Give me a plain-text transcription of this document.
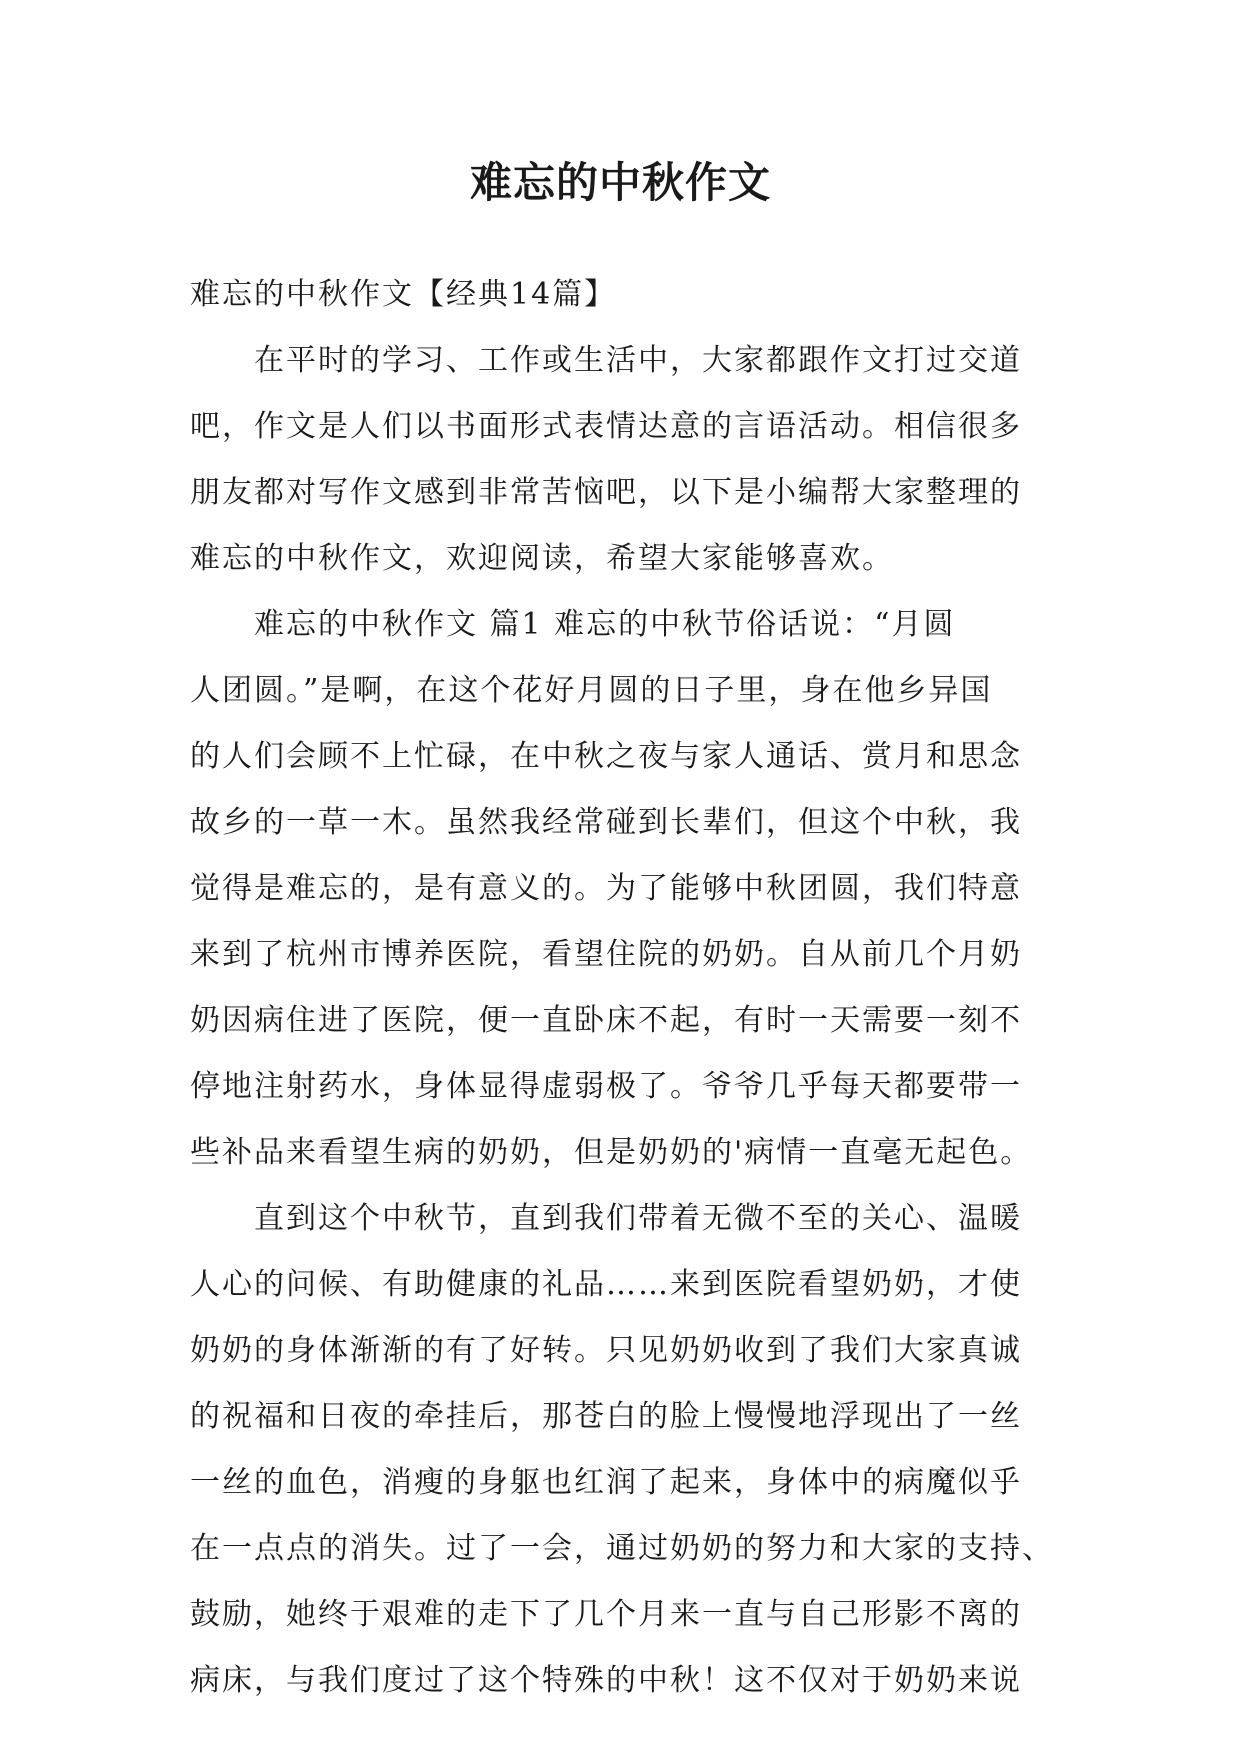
难忘的中秋作文
难忘的中秋作文【经典14篇】
在平时的学习、工作或生活中，大家都跟作文打过交道
吧，作文是人们以书面形式表情达意的言语活动。相信很多
朋友都对写作文感到非常苦恼吧，以下是小编帮大家整理的
难忘的中秋作文，欢迎阅读，希望大家能够喜欢。
难忘的中秋作文 篇1 难忘的中秋节俗话说：“月圆
人团圆。”是啊，在这个花好月圆的日子里，身在他乡异国
的人们会顾不上忙碌，在中秋之夜与家人通话、赏月和思念
故乡的一草一木。虽然我经常碰到长辈们，但这个中秋，我
觉得是难忘的，是有意义的。为了能够中秋团圆，我们特意
来到了杭州市博养医院，看望住院的奶奶。自从前几个月奶
奶因病住进了医院，便一直卧床不起，有时一天需要一刻不
停地注射药水，身体显得虚弱极了。爷爷几乎每天都要带一
些补品来看望生病的奶奶，但是奶奶的'病情一直毫无起色。
直到这个中秋节，直到我们带着无微不至的关心、温暖
人心的问候、有助健康的礼品……来到医院看望奶奶，才使
奶奶的身体渐渐的有了好转。只见奶奶收到了我们大家真诚
的祝福和日夜的牵挂后，那苍白的脸上慢慢地浮现出了一丝
一丝的血色，消瘦的身躯也红润了起来，身体中的病魔似乎
在一点点的消失。过了一会，通过奶奶的努力和大家的支持、
鼓励，她终于艰难的走下了几个月来一直与自己形影不离的
病床，与我们度过了这个特殊的中秋！这不仅对于奶奶来说
